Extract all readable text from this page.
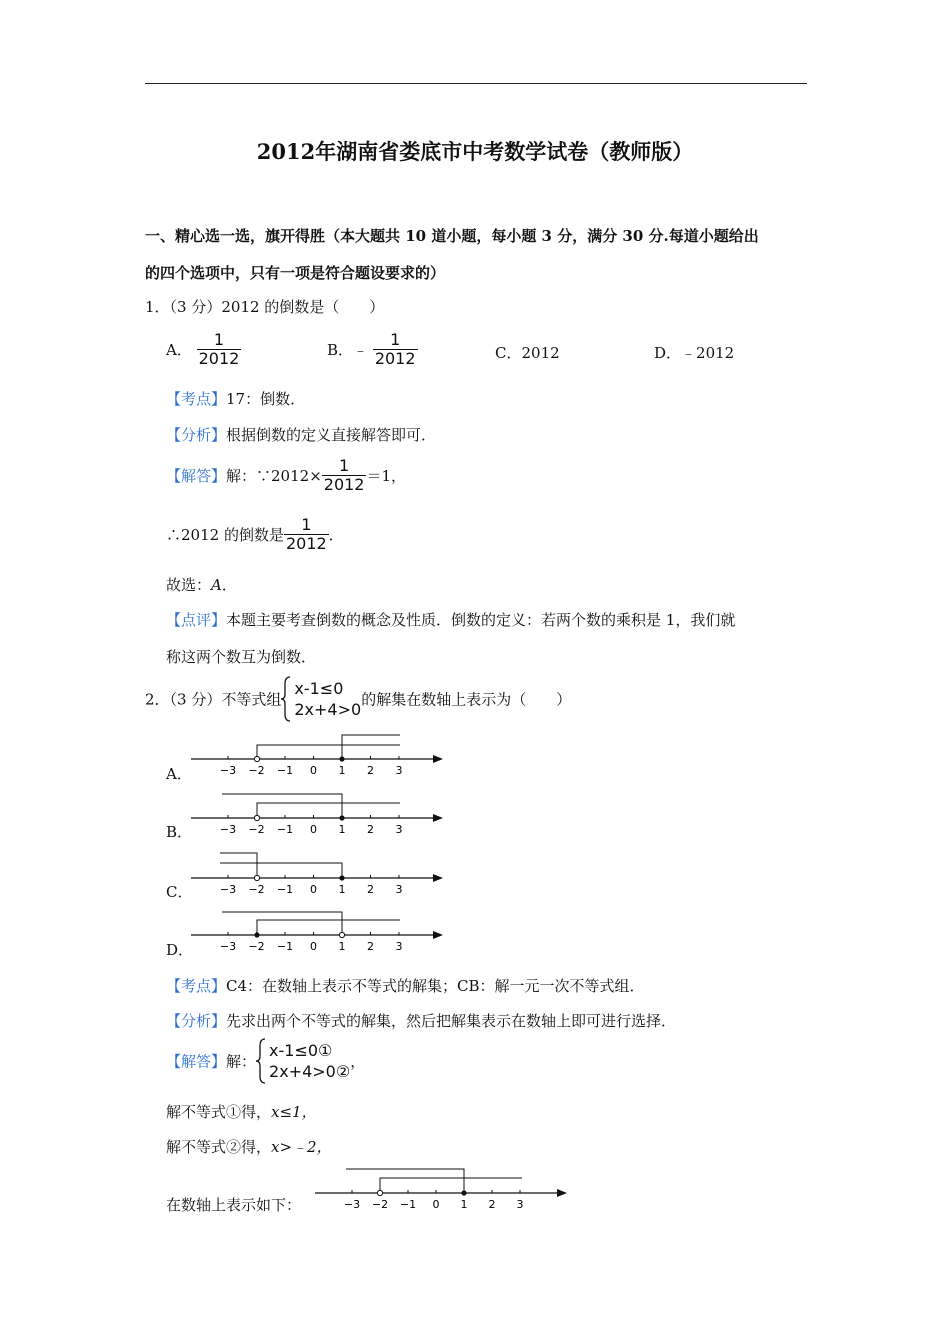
2012年湖南省娄底市中考数学试卷（教师版）
一、精心选一选，旗开得胜（本大题共 10 道小题，每小题 3 分，满分 30 分.每道小题给出
的四个选项中，只有一项是符合题设要求的）
1．（3 分）2012 的倒数是（　　）
A． $\frac{1}{2012}$	B．﹣ $\frac{1}{2012}$	C．2012	D．﹣2012
【考点】17：倒数．
【分析】根据倒数的定义直接解答即可．
【解答】解：∵2012× $\frac{1}{2012} =1$，
∴2012 的倒数是 $\frac{1}{2012}$ ．
故选：A．
【点评】本题主要考查倒数的概念及性质．倒数的定义：若两个数的乘积是 1，我们就
称这两个数互为倒数．
2．（3 分）不等式组
x-1≤0
2x+4>0
的解集在数轴上表示为（　　）
A．
B．
C．
D．
−3 −2 −1 0 1 2 3
−3 −2 −1 0 1 2 3
−3 −2 −1 0 1 2 3
−3 −2 −1 0 1 2 3
【考点】C4：在数轴上表示不等式的解集；CB：解一元一次不等式组．
【分析】先求出两个不等式的解集，然后把解集表示在数轴上即可进行选择．
【解答】解：
x-1≤0①
2x+4>0②
，
解不等式①得，x≤1，
解不等式②得，x>﹣2，
在数轴上表示如下：	−3 −2 −1 0 1 2 3
